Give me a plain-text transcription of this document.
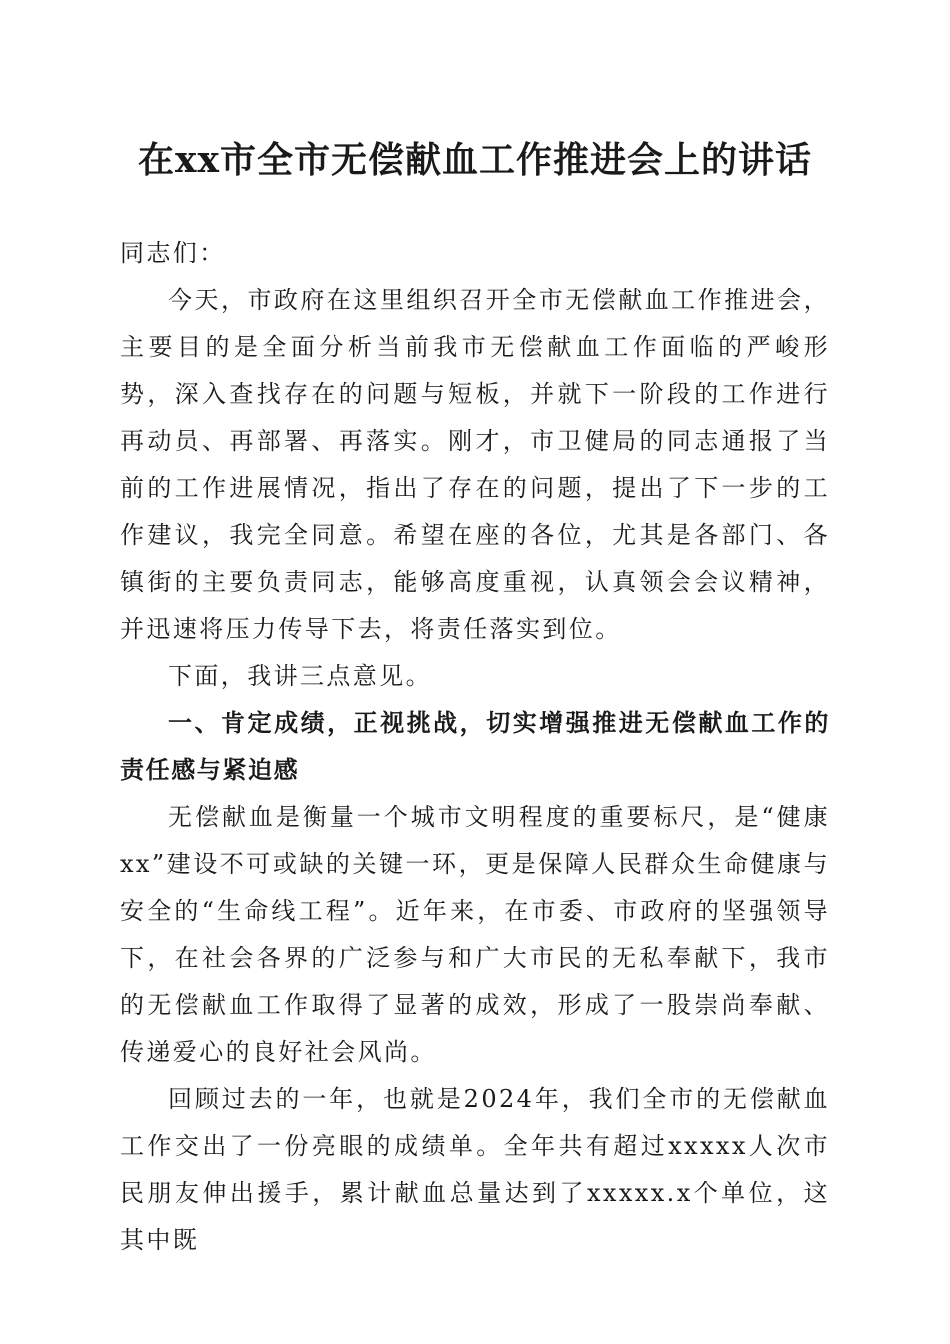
在xx市全市无偿献血工作推进会上的讲话

同志们：

今天，市政府在这里组织召开全市无偿献血工作推进会，主要目的是全面分析当前我市无偿献血工作面临的严峻形势，深入查找存在的问题与短板，并就下一阶段的工作进行再动员、再部署、再落实。刚才，市卫健局的同志通报了当前的工作进展情况，指出了存在的问题，提出了下一步的工作建议，我完全同意。希望在座的各位，尤其是各部门、各镇街的主要负责同志，能够高度重视，认真领会会议精神，并迅速将压力传导下去，将责任落实到位。

下面，我讲三点意见。

一、肯定成绩，正视挑战，切实增强推进无偿献血工作的责任感与紧迫感

无偿献血是衡量一个城市文明程度的重要标尺，是“健康xx”建设不可或缺的关键一环，更是保障人民群众生命健康与安全的“生命线工程”。近年来，在市委、市政府的坚强领导下，在社会各界的广泛参与和广大市民的无私奉献下，我市的无偿献血工作取得了显著的成效，形成了一股崇尚奉献、传递爱心的良好社会风尚。

回顾过去的一年，也就是2024年，我们全市的无偿献血工作交出了一份亮眼的成绩单。全年共有超过xxxxx人次市民朋友伸出援手，累计献血总量达到了xxxxx.x个单位，这其中既
